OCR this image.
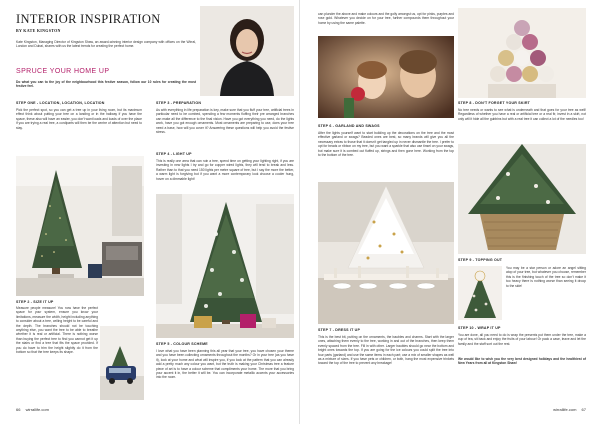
INTERIOR INSPIRATION
BY KATE KINGSTON
Kate Kingston, Managing Director of Kingston Shaw, an award-winning interior design company with offices on the Wirral, London and Dubai, shares with us the latest trends for creating the perfect home.
SPRUCE YOUR HOME UP
Do what you can to the joy of the neighbourhood this festive season, follow our 10 rules for creating the most festive feel.
STEP ONE - LOCATION, LOCATION, LOCATION
Pick the perfect spot, so you can get a tree up in your living room, but its maximum effect think about putting your tree on a landing or in the hallway if you have the space, these also will have an easier, you don't want loads and loads of over the place if you are trying a real tree, a cordiparts will then be the centre of attention but need to stay.
STEP 2 - SIZE IT UP
Measure people measure! You now have the perfect space for your system, ensure you know your limitations, measure the width, height including anything to consider about a tree, ceiling height to be careful and the depth. The branches should not be touching anything else, you want the tree to be able to breathe whether it is real or artificial. There is nothing worse than buying the perfect tree to find you cannot get it up the stairs or find a tree that fits the space provided. If you do have to trim the height slightly do it from the bottom so that the tree keeps its shape.
STEP 3 - PREPARATION
As with everything in life preparation is key, make sure that you fluff your tree, artificial trees in particular need to be combed, spending a few moments fluffing their pre arranged branches can make all the difference to the final vision. Have you got everything you need, do the lights work, have you got enough ornaments. Most ornaments are preparing to use, does your tree need a base, how will you cover it? Answering these questions will help you avoid the festive stress.
STEP 4 - LIGHT UP
This is really one area that can ruin a tree, spend time on getting your lighting right, if you are investing in new lights I try and go for copper wired lights, they will tend to break and less. Rather than to that you need 150 lights per metre square of tree, but I say the more the better, a warm light is forgiving but if you want a more contemporary look choose a cooler hung, hover on a dimmable light!
STEP 5 - COLOUR SCHEME
I love what you have been planning this all year that your tree, you have chosen your theme and you have been collecting ornaments throughout the months? Or in your tree (as you have it), look at your home and what will inspire you, if you look at the pattern that you can already add a pretty much any colour you want, but the truth is making your Christmas tree a feature piece of art is to have a colour scheme that compliments your home. The more that you bring your accent it in, the better it will be. You can incorporate metallic accents your accessories into the room.
66 wirrallife.com
can plunder the above and make colours and the golly amongst us, opt for pinks, purples and rose gold. Whatever you decide on for your tree, further compounds them throughout your home by using the same palette.
STEP 6 - GARLAND AND SWAGS
After the lights yourself want to start building up the decorations on the tree and the most effective garland or swags? Beaded ones are best, so many brands will give you all the necessary extras to those that it doesn't get tangled up in never dismantle the tree. I prefer to opt for beads or ribbon on my tree, but you want a sparkle that also use tinsel on your swags, but make sure it is combed out fluffed up, strings and then gone here. Working from the top to the bottom of the tree.
STEP 7 - DRESS IT UP
This is the best bit, putting on the ornaments, the baubles and charms. Start with the larger ones, attaching them evenly to the tree, working in and out of the branches, then keep them evenly spaced from the tree. Fill in with other. Larger baubles should go near the bottom and bright ones towards the top. If you are going for the ice colours you could split the tree into four parts (garland) and use the same items in each part; use a mix of smaller shapes as well as a mixture of sizes. If you have pets or children, or both, hang the most expensive trinkets toward the top of the tree to prevent any breakage!
STEP 8 - DON'T FORGET YOUR SKIRT
No tree needs or wants to see what is underneath and that goes for your tree as well! Regardless of whether you have a real or artificial tree or a real fir, invest in a skirt, not only will it hide all the gubbins but with a real tree it can collect a lot of the needles too!
STEP 9 - TOPPING OUT
You may be a star person or adore an angel sitting atop of your tree, but whatever you choose, remember this is the finishing touch of the tree so don't make it too heavy there is nothing worse than seeing it droop to the side!
STEP 10 - WRAP IT UP
You are done, all you need to do is wrap the presents put them under the tree, make a cup of tea, sit back and enjoy the fruits of your labour! Or pack a case, leave and let the family and the staff sort out the rest.
We would like to wish you the very best designed holidays and the healthiest of New Years from all at Kingston Shaw!
wirrallife.com 67
